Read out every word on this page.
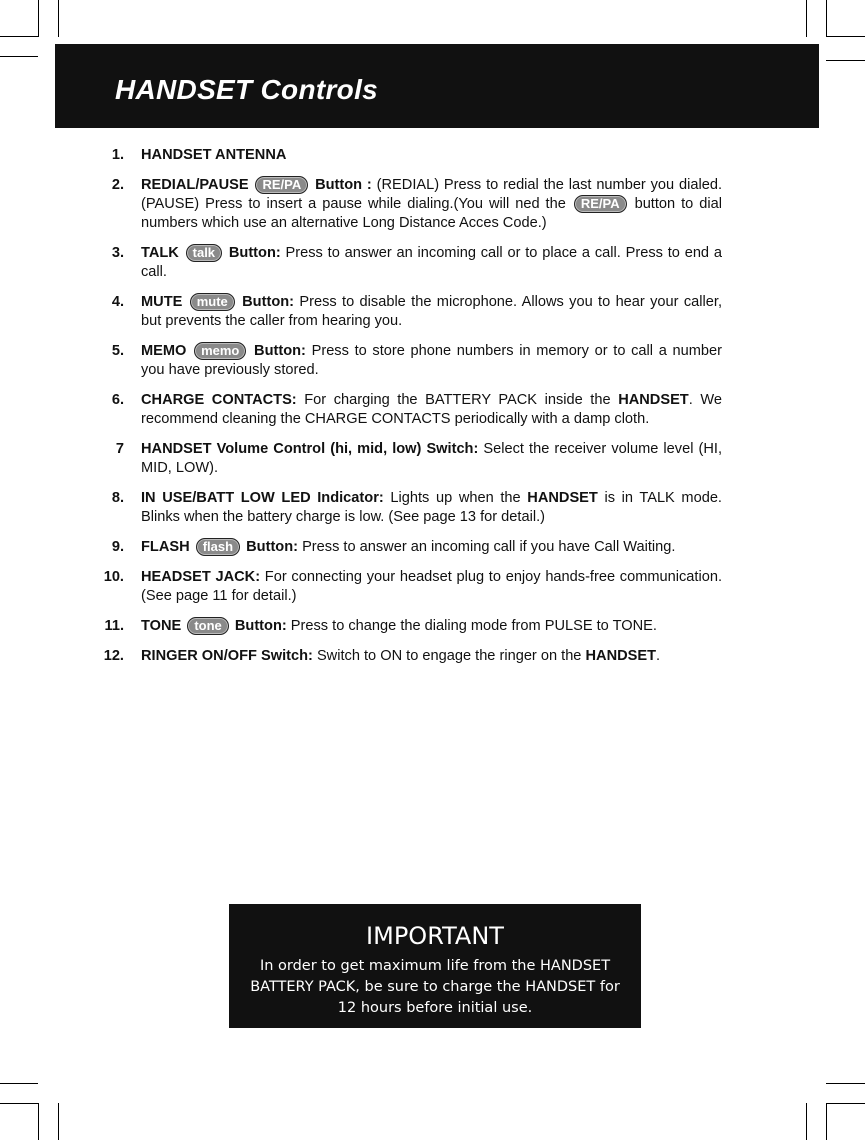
HANDSET Controls
1. HANDSET ANTENNA
2. REDIAL/PAUSE RE/PA Button : (REDIAL) Press to redial the last number you dialed. (PAUSE) Press to insert a pause while dialing.(You will ned the RE/PA button to dial numbers which use an alternative Long Distance Acces Code.)
3. TALK talk Button: Press to answer an incoming call or to place a call. Press to end a call.
4. MUTE mute Button: Press to disable the microphone. Allows you to hear your caller, but prevents the caller from hearing you.
5. MEMO memo Button: Press to store phone numbers in memory or to call a number you have previously stored.
6. CHARGE CONTACTS: For charging the BATTERY PACK inside the HANDSET. We recommend cleaning the CHARGE CONTACTS periodically with a damp cloth.
7 HANDSET Volume Control (hi, mid, low) Switch: Select the receiver volume level (HI, MID, LOW).
8. IN USE/BATT LOW LED Indicator: Lights up when the HANDSET is in TALK mode. Blinks when the battery charge is low. (See page 13 for detail.)
9. FLASH flash Button: Press to answer an incoming call if you have Call Waiting.
10. HEADSET JACK: For connecting your headset plug to enjoy hands-free communication. (See page 11 for detail.)
11. TONE tone Button: Press to change the dialing mode from PULSE to TONE.
12. RINGER ON/OFF Switch: Switch to ON to engage the ringer on the HANDSET.
IMPORTANT

In order to get maximum life from the HANDSET BATTERY PACK, be sure to charge the HANDSET for 12 hours before initial use.
